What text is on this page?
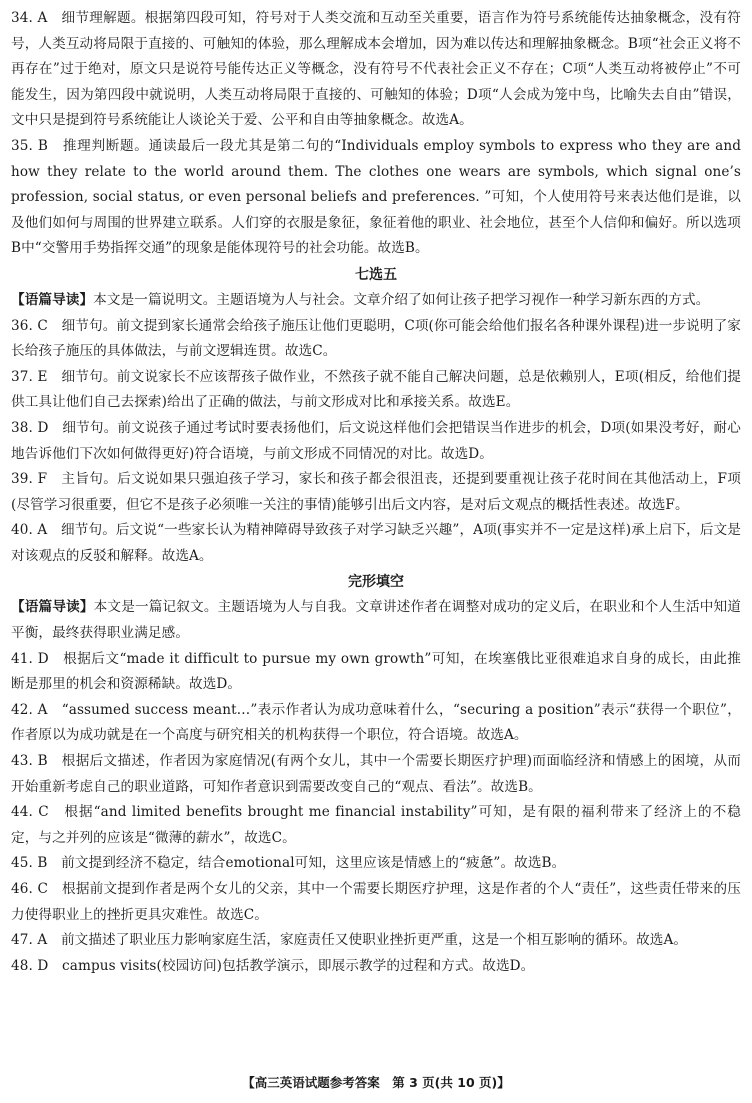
34. A　细节理解题。根据第四段可知，符号对于人类交流和互动至关重要，语言作为符号系统能传达抽象概念，没有符号，人类互动将局限于直接的、可触知的体验，那么理解成本会增加，因为难以传达和理解抽象概念。B项“社会正义将不再存在”过于绝对，原文只是说符号能传达正义等概念，没有符号不代表社会正义不存在；C项“人类互动将被停止”不可能发生，因为第四段中就说明，人类互动将局限于直接的、可触知的体验；D项“人会成为笼中鸟，比喻失去自由”错误，文中只是提到符号系统能让人谈论关于爱、公平和自由等抽象概念。故选A。

35. B　推理判断题。通读最后一段尤其是第二句的“Individuals employ symbols to express who they are and how they relate to the world around them. The clothes one wears are symbols, which signal one’s profession, social status, or even personal beliefs and preferences. ”可知，个人使用符号来表达他们是谁，以及他们如何与周围的世界建立联系。人们穿的衣服是象征，象征着他的职业、社会地位，甚至个人信仰和偏好。所以选项B中“交警用手势指挥交通”的现象是能体现符号的社会功能。故选B。

七选五

【语篇导读】本文是一篇说明文。主题语境为人与社会。文章介绍了如何让孩子把学习视作一种学习新东西的方式。

36. C　细节句。前文提到家长通常会给孩子施压让他们更聪明，C项(你可能会给他们报名各种课外课程)进一步说明了家长给孩子施压的具体做法，与前文逻辑连贯。故选C。

37. E　细节句。前文说家长不应该帮孩子做作业，不然孩子就不能自己解决问题，总是依赖别人，E项(相反，给他们提供工具让他们自己去探索)给出了正确的做法，与前文形成对比和承接关系。故选E。

38. D　细节句。前文说孩子通过考试时要表扬他们，后文说这样他们会把错误当作进步的机会，D项(如果没考好，耐心地告诉他们下次如何做得更好)符合语境，与前文形成不同情况的对比。故选D。

39. F　主旨句。后文说如果只强迫孩子学习，家长和孩子都会很沮丧，还提到要重视让孩子花时间在其他活动上，F项(尽管学习很重要，但它不是孩子必须唯一关注的事情)能够引出后文内容，是对后文观点的概括性表述。故选F。

40. A　细节句。后文说“一些家长认为精神障碍导致孩子对学习缺乏兴趣”，A项(事实并不一定是这样)承上启下，后文是对该观点的反驳和解释。故选A。

完形填空

【语篇导读】本文是一篇记叙文。主题语境为人与自我。文章讲述作者在调整对成功的定义后，在职业和个人生活中知道平衡，最终获得职业满足感。

41. D　根据后文“made it difficult to pursue my own growth”可知，在埃塞俄比亚很难追求自身的成长，由此推断是那里的机会和资源稀缺。故选D。

42. A　“assumed success meant…”表示作者认为成功意味着什么，“securing a position”表示“获得一个职位”，作者原以为成功就是在一个高度与研究相关的机构获得一个职位，符合语境。故选A。

43. B　根据后文描述，作者因为家庭情况(有两个女儿，其中一个需要长期医疗护理)而面临经济和情感上的困境，从而开始重新考虑自己的职业道路，可知作者意识到需要改变自己的“观点、看法”。故选B。

44. C　根据“and limited benefits brought me financial instability”可知，是有限的福利带来了经济上的不稳定，与之并列的应该是“微薄的薪水”，故选C。

45. B　前文提到经济不稳定，结合emotional可知，这里应该是情感上的“疲惫”。故选B。

46. C　根据前文提到作者是两个女儿的父亲，其中一个需要长期医疗护理，这是作者的个人“责任”，这些责任带来的压力使得职业上的挫折更具灾难性。故选C。

47. A　前文描述了职业压力影响家庭生活，家庭责任又使职业挫折更严重，这是一个相互影响的循环。故选A。

48. D　campus visits(校园访问)包括教学演示，即展示教学的过程和方式。故选D。

【高三英语试题参考答案　第 3 页(共 10 页)】
